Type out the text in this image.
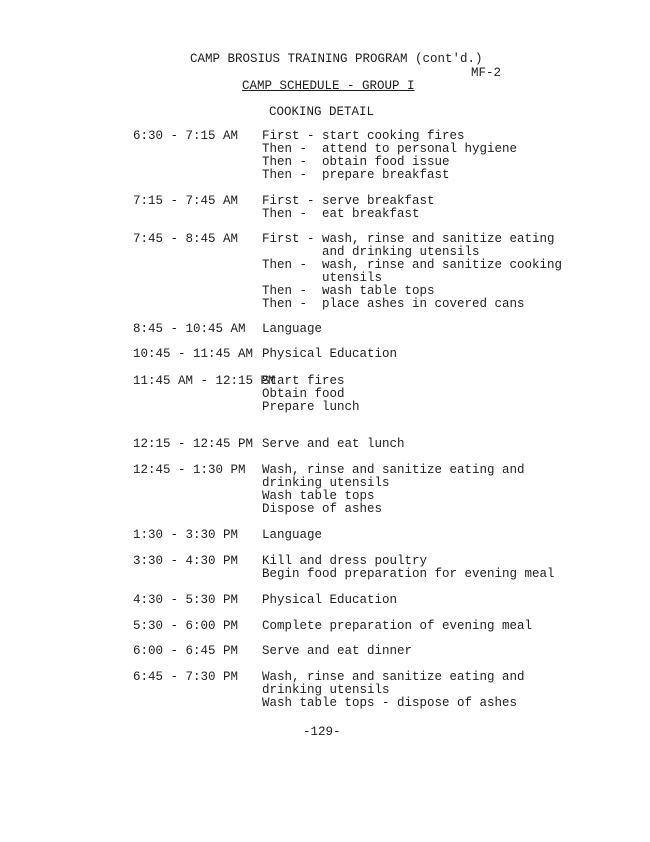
CAMP BROSIUS TRAINING PROGRAM (cont'd.)
MF-2
CAMP SCHEDULE - GROUP I
COOKING DETAIL
6:30 - 7:15 AM First - start cooking fires
Then -  attend to personal hygiene
Then -  obtain food issue
Then -  prepare breakfast
7:15 - 7:45 AM First - serve breakfast
Then -  eat breakfast
7:45 - 8:45 AM First - wash, rinse and sanitize eating
and drinking utensils
Then -  wash, rinse and sanitize cooking
utensils
Then -  wash table tops
Then -  place ashes in covered cans
8:45 - 10:45 AM Language
10:45 - 11:45 AM Physical Education
11:45 AM - 12:15 PM
Start fires
Obtain food
Prepare lunch
12:15 - 12:45 PM Serve and eat lunch
12:45 - 1:30 PM Wash, rinse and sanitize eating and
drinking utensils
Wash table tops
Dispose of ashes
1:30 - 3:30 PM Language
3:30 - 4:30 PM Kill and dress poultry
Begin food preparation for evening meal
4:30 - 5:30 PM Physical Education
5:30 - 6:00 PM Complete preparation of evening meal
6:00 - 6:45 PM Serve and eat dinner
6:45 - 7:30 PM Wash, rinse and sanitize eating and
drinking utensils
Wash table tops - dispose of ashes
-129-
